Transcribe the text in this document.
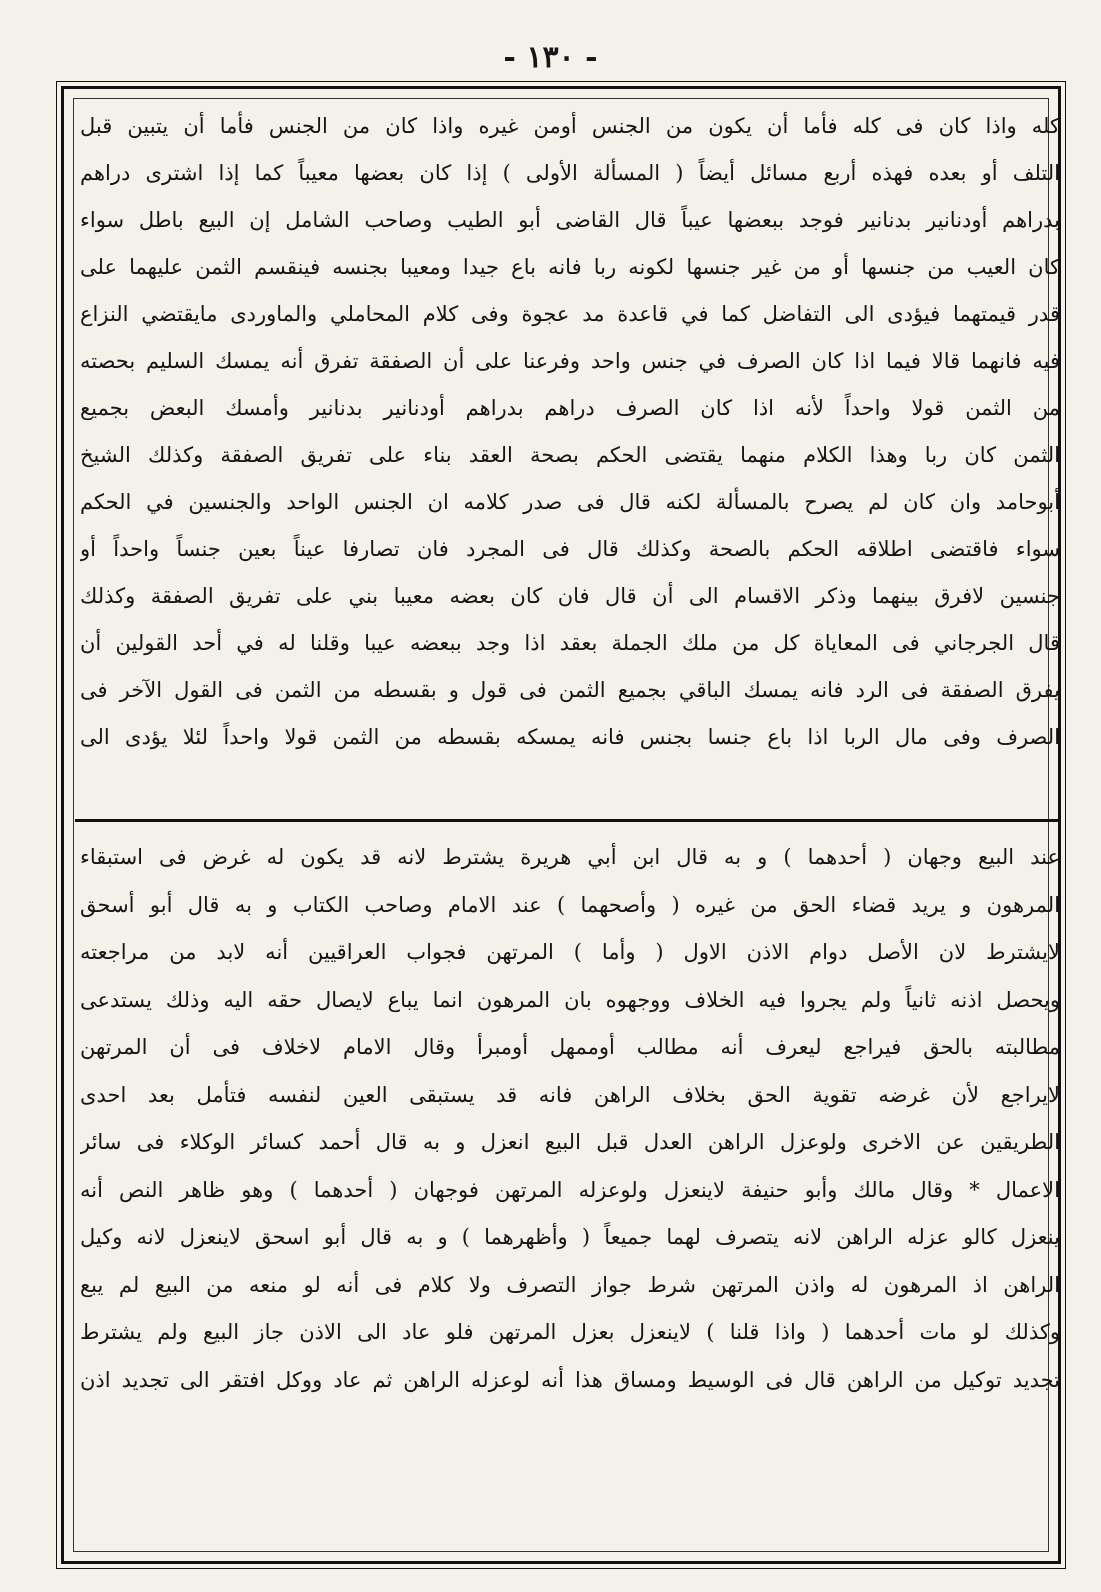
- ١٣٠ -
كله واذا كان فى كله فأما أن يكون من الجنس أومن غيره واذا كان من الجنس فأما أن يتبين قبل
التلف أو بعده فهذه أربع مسائل أيضاً ( المسألة الأولى ) إذا كان بعضها معيباً كما إذا اشترى دراهم
بدراهم أودنانير بدنانير فوجد ببعضها عيباً قال القاضى أبو الطيب وصاحب الشامل إن البيع باطل سواء
كان العيب من جنسها أو من غير جنسها لكونه ربا فانه باع جيدا ومعيبا بجنسه فينقسم الثمن عليهما على
قدر قيمتهما فيؤدى الى التفاضل كما في قاعدة مد عجوة وفى كلام المحاملي والماوردى مايقتضي النزاع
فيه فانهما قالا فيما اذا كان الصرف في جنس واحد وفرعنا على أن الصفقة تفرق أنه يمسك السليم بحصته
من الثمن قولا واحداً لأنه اذا كان الصرف دراهم بدراهم أودنانير بدنانير وأمسك البعض بجميع
الثمن كان ربا وهذا الكلام منهما يقتضى الحكم بصحة العقد بناء على تفريق الصفقة وكذلك الشيخ
أبوحامد وان كان لم يصرح بالمسألة لكنه قال فى صدر كلامه ان الجنس الواحد والجنسين في الحكم
سواء فاقتضى اطلاقه الحكم بالصحة وكذلك قال فى المجرد فان تصارفا عيناً بعين جنساً واحداً أو
جنسين لافرق بينهما وذكر الاقسام الى أن قال فان كان بعضه معيبا بني على تفريق الصفقة وكذلك
قال الجرجاني فى المعاياة كل من ملك الجملة بعقد اذا وجد ببعضه عيبا وقلنا له في أحد القولين أن
يفرق الصفقة فى الرد فانه يمسك الباقي بجميع الثمن فى قول و بقسطه من الثمن فى القول الآخر فى
الصرف وفى مال الربا اذا باع جنسا بجنس فانه يمسكه بقسطه من الثمن قولا واحداً لئلا يؤدى الى
عند البيع وجهان ( أحدهما ) و به قال ابن أبي هريرة يشترط لانه قد يكون له غرض فى استبقاء
المرهون و يريد قضاء الحق من غيره ( وأصحهما ) عند الامام وصاحب الكتاب و به قال أبو أسحق
لايشترط لان الأصل دوام الاذن الاول ( وأما ) المرتهن فجواب العراقيين أنه لابد من مراجعته
ويحصل اذنه ثانياً ولم يجروا فيه الخلاف ووجهوه بان المرهون انما يباع لايصال حقه اليه وذلك يستدعى
مطالبته بالحق فيراجع ليعرف أنه مطالب أوممهل أومبرأ وقال الامام لاخلاف فى أن المرتهن
لايراجع لأن غرضه تقوية الحق بخلاف الراهن فانه قد يستبقى العين لنفسه فتأمل بعد احدى
الطريقين عن الاخرى ولوعزل الراهن العدل قبل البيع انعزل و به قال أحمد كسائر الوكلاء فى سائر
الاعمال * وقال مالك وأبو حنيفة لاينعزل ولوعزله المرتهن فوجهان ( أحدهما ) وهو ظاهر النص أنه
ينعزل كالو عزله الراهن لانه يتصرف لهما جميعاً ( وأظهرهما ) و به قال أبو اسحق لاينعزل لانه وكيل
الراهن اذ المرهون له واذن المرتهن شرط جواز التصرف ولا كلام فى أنه لو منعه من البيع لم يبع
وكذلك لو مات أحدهما ( واذا قلنا ) لاينعزل بعزل المرتهن فلو عاد الى الاذن جاز البيع ولم يشترط
تجديد توكيل من الراهن قال فى الوسيط ومساق هذا أنه لوعزله الراهن ثم عاد ووكل افتقر الى تجديد اذن
